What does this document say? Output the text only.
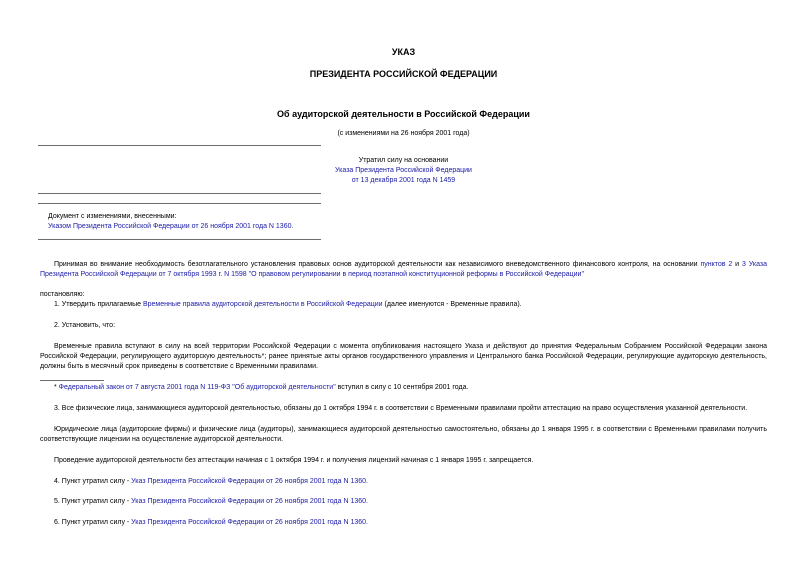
УКАЗ
ПРЕЗИДЕНТА РОССИЙСКОЙ ФЕДЕРАЦИИ
Об аудиторской деятельности в Российской Федерации
(с изменениями на 26 ноября 2001 года)
Утратил силу на основании
Указа Президента Российской Федерации
от 13 декабря 2001 года N 1459
Документ с изменениями, внесенными:
Указом Президента Российской Федерации от 26 ноября 2001 года N 1360.
Принимая во внимание необходимость безотлагательного установления правовых основ аудиторской деятельности как независимого вневедомственного финансового контроля, на основании пунктов 2 и 3 Указа Президента Российской Федерации от 7 октября 1993 г. N 1598 "О правовом регулировании в период поэтапной конституционной реформы в Российской Федерации"
постановляю:
1. Утвердить прилагаемые Временные правила аудиторской деятельности в Российской Федерации (далее именуются - Временные правила).
2. Установить, что:
Временные правила вступают в силу на всей территории Российской Федерации с момента опубликования настоящего Указа и действуют до принятия Федеральным Собранием Российской Федерации закона Российской Федерации, регулирующего аудиторскую деятельность*; ранее принятые акты органов государственного управления и Центрального банка Российской Федерации, регулирующие аудиторскую деятельность, должны быть в месячный срок приведены в соответствие с Временными правилами.
* Федеральный закон от 7 августа 2001 года N 119-ФЗ "Об аудиторской деятельности" вступил в силу с 10 сентября 2001 года.
3. Все физические лица, занимающиеся аудиторской деятельностью, обязаны до 1 октября 1994 г. в соответствии с Временными правилами пройти аттестацию на право осуществления указанной деятельности.
Юридические лица (аудиторские фирмы) и физические лица (аудиторы), занимающиеся аудиторской деятельностью самостоятельно, обязаны до 1 января 1995 г. в соответствии с Временными правилами получить соответствующие лицензии на осуществление аудиторской деятельности.
Проведение аудиторской деятельности без аттестации начиная с 1 октября 1994 г. и получения лицензий начиная с 1 января 1995 г. запрещается.
4. Пункт утратил силу - Указ Президента Российской Федерации от 26 ноября 2001 года N 1360.
5. Пункт утратил силу - Указ Президента Российской Федерации от 26 ноября 2001 года N 1360.
6. Пункт утратил силу - Указ Президента Российской Федерации от 26 ноября 2001 года N 1360.
